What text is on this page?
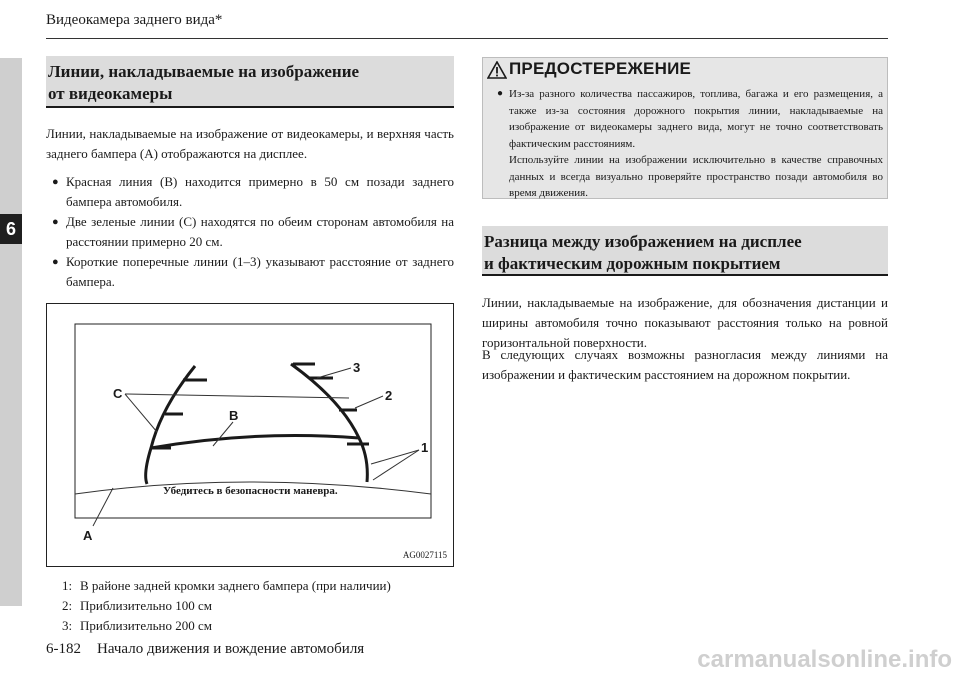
Видеокамера заднего вида*
6
Линии, накладываемые на изображение
от видеокамеры
Линии, накладываемые на изображение от видеокамеры, и верхняя часть заднего бампера (A) отображаются на дисплее.
● Красная линия (B) находится примерно в 50 см позади заднего бампера автомобиля.
● Две зеленые линии (C) находятся по обеим сторонам автомобиля на расстоянии примерно 20 см.
● Короткие поперечные линии (1–3) указывают расстояние от заднего бампера.
C
B
3
2
1
A
Убедитесь в безопасности маневра.
AG0027115
1: В районе задней кромки заднего бампера (при наличии)
2: Приблизительно 100 см
3: Приблизительно 200 см
6-182 Начало движения и вождение автомобиля
ПРЕДОСТЕРЕЖЕНИЕ

● Из-за разного количества пассажиров, топлива, багажа и его размещения, а также из-за состояния дорожного покрытия линии, накладываемые на изображение от видеокамеры заднего вида, могут не точно соответствовать фактическим расстояниям.

Используйте линии на изображении исключительно в качестве справочных данных и всегда визуально проверяйте пространство позади автомобиля во время движения.

Разница между изображением на дисплее
и фактическим дорожным покрытием
Линии, накладываемые на изображение, для обозначения дистанции и ширины автомобиля точно показывают расстояния только на ровной горизонтальной поверхности.
В следующих случаях возможны разногласия между линиями на изображении и фактическим расстоянием на дорожном покрытии.
carmanualsonline.info
